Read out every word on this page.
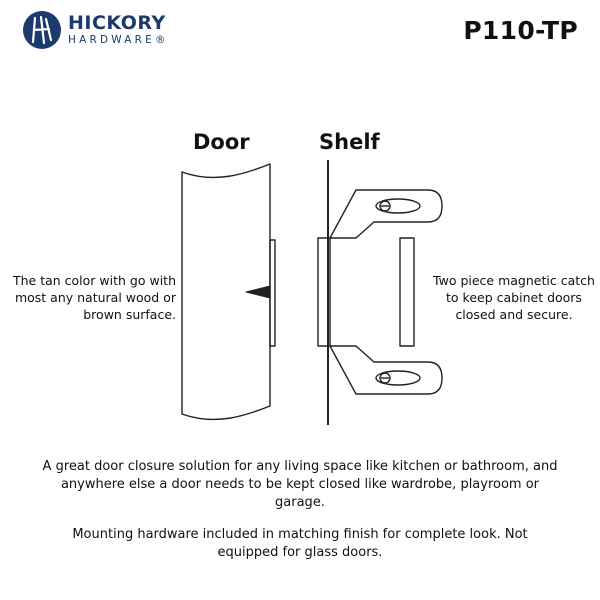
HICKORY
HARDWARE®	P110-TP
Door	Shelf
The tan color with go with most any natural wood or brown surface.
Two piece magnetic catch to keep cabinet doors closed and secure.
A great door closure solution for any living space like kitchen or bathroom, and anywhere else a door needs to be kept closed like wardrobe, playroom or garage.
Mounting hardware included in matching finish for complete look. Not equipped for glass doors.
